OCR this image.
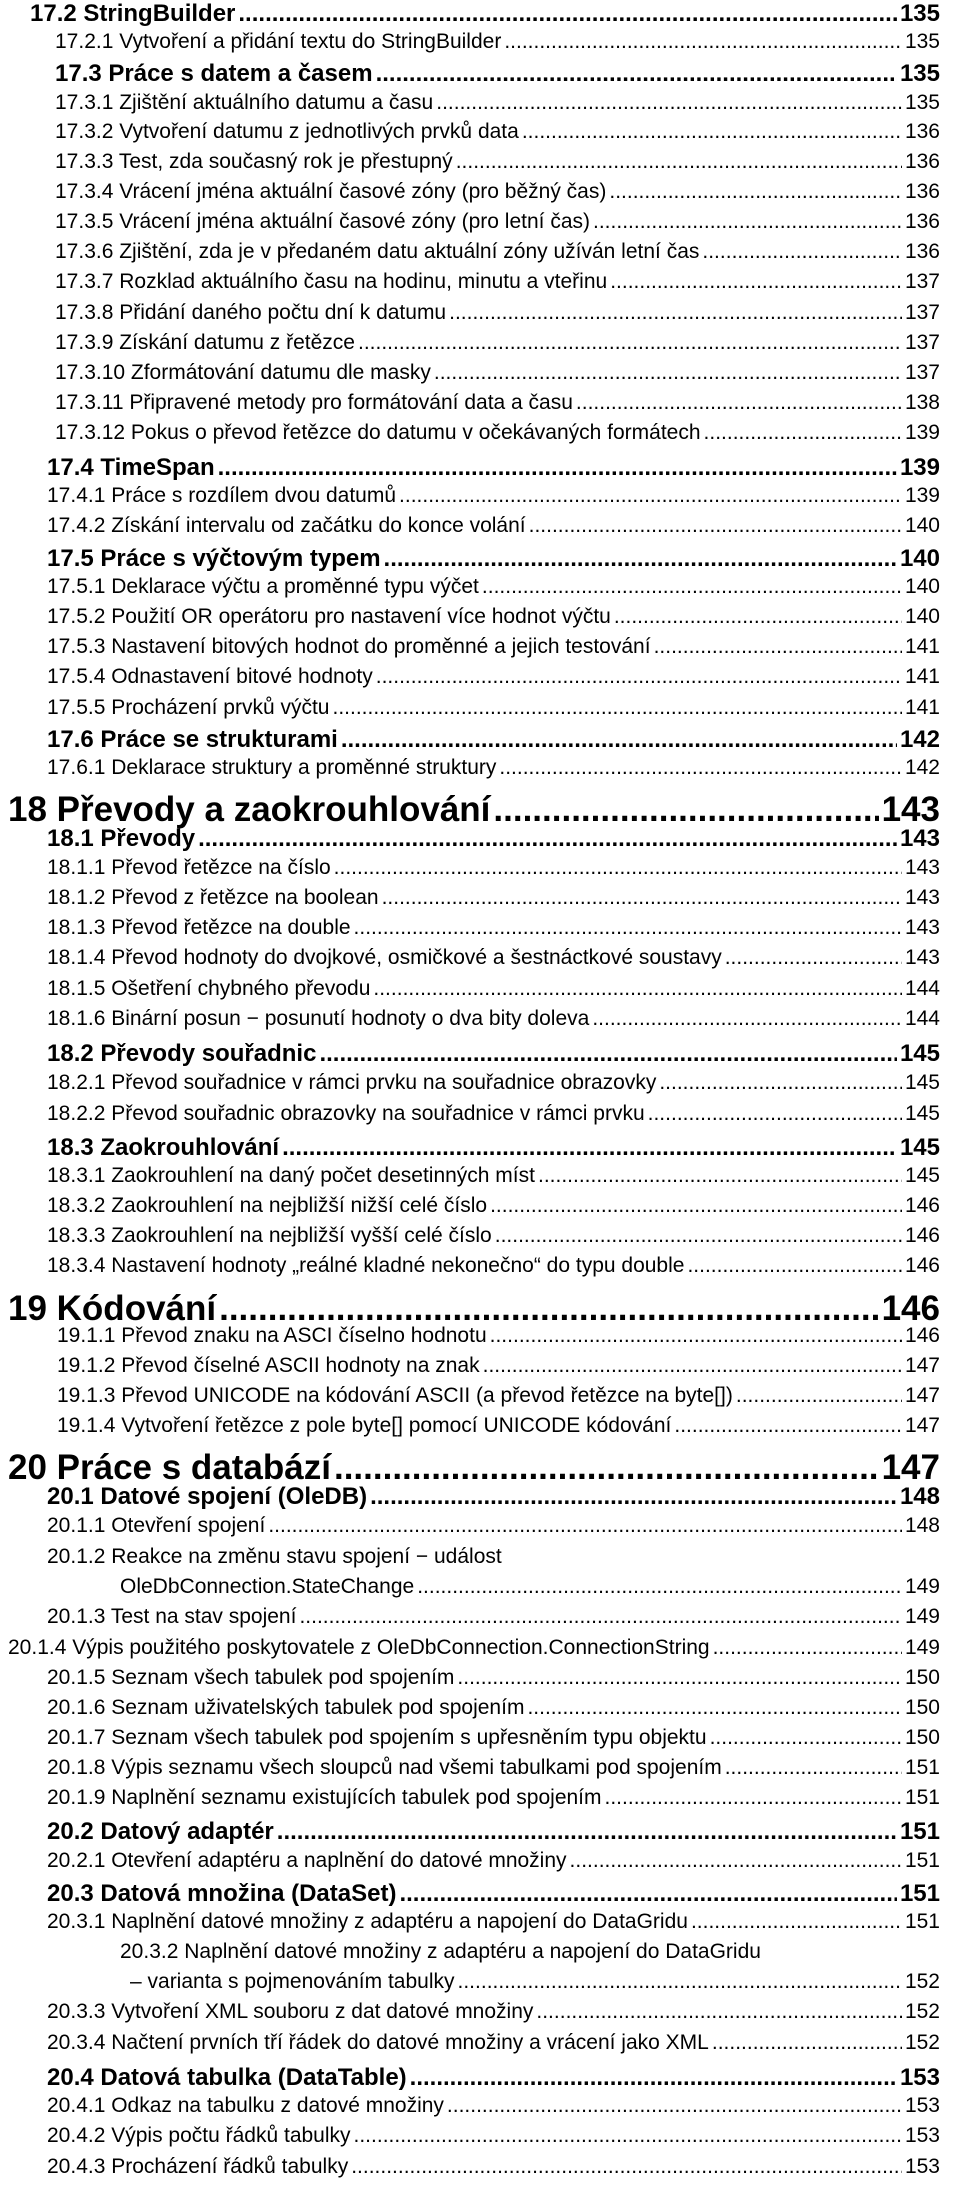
17.2 StringBuilder .....	135
17.2.1 Vytvoření a přidání textu do StringBuilder .....	135
17.3 Práce s datem a časem .....	135
17.3.1 Zjištění aktuálního datumu a času .....	135
17.3.2 Vytvoření datumu z jednotlivých prvků data .....	136
17.3.3 Test, zda současný rok je přestupný .....	136
17.3.4 Vrácení jména aktuální časové zóny (pro běžný čas) .....	136
17.3.5 Vrácení jména aktuální časové zóny (pro letní čas) .....	136
17.3.6 Zjištění, zda je v předaném datu aktuální zóny užíván letní čas .....	136
17.3.7 Rozklad aktuálního času na hodinu, minutu a vteřinu .....	137
17.3.8 Přidání daného počtu dní k datumu .....	137
17.3.9 Získání datumu z řetězce .....	137
17.3.10 Zformátování datumu dle masky .....	137
17.3.11 Připravené metody pro formátování data a času .....	138
17.3.12 Pokus o převod řetězce do datumu v očekávaných formátech .....	139
17.4 TimeSpan .....	139
17.4.1 Práce s rozdílem dvou datumů .....	139
17.4.2 Získání intervalu od začátku do konce volání .....	140
17.5 Práce s výčtovým typem .....	140
17.5.1 Deklarace výčtu a proměnné typu výčet .....	140
17.5.2 Použití OR operátoru pro nastavení více hodnot výčtu .....	140
17.5.3 Nastavení bitových hodnot do proměnné a jejich testování .....	141
17.5.4 Odnastavení bitové hodnoty .....	141
17.5.5 Procházení prvků výčtu .....	141
17.6 Práce se strukturami .....	142
17.6.1 Deklarace struktury a proměnné struktury .....	142
18 Převody a zaokrouhlování .....	143
18.1 Převody .....	143
18.1.1 Převod řetězce na číslo .....	143
18.1.2 Převod z řetězce na boolean .....	143
18.1.3 Převod řetězce na double .....	143
18.1.4 Převod hodnoty do dvojkové, osmičkové a šestnáctkové soustavy .....	143
18.1.5 Ošetření chybného převodu .....	144
18.1.6 Binární posun − posunutí hodnoty o dva bity doleva .....	144
18.2 Převody souřadnic .....	145
18.2.1 Převod souřadnice v rámci prvku na souřadnice obrazovky .....	145
18.2.2 Převod souřadnic obrazovky na souřadnice v rámci prvku .....	145
18.3 Zaokrouhlování .....	145
18.3.1 Zaokrouhlení na daný počet desetinných míst .....	145
18.3.2 Zaokrouhlení na nejbližší nižší celé číslo .....	146
18.3.3 Zaokrouhlení na nejbližší vyšší celé číslo .....	146
18.3.4 Nastavení hodnoty „reálné kladné nekonečno“ do typu double .....	146
19 Kódování .....	146
19.1.1 Převod znaku na ASCI číselno hodnotu .....	146
19.1.2 Převod číselné ASCII hodnoty na znak .....	147
19.1.3 Převod UNICODE na kódování ASCII (a převod řetězce na byte[]) .....	147
19.1.4 Vytvoření řetězce z pole byte[] pomocí UNICODE kódování .....	147
20 Práce s databází .....	147
20.1 Datové spojení (OleDB) .....	148
20.1.1 Otevření spojení .....	148
20.1.2 Reakce na změnu stavu spojení − událost
OleDbConnection.StateChange .....	149
20.1.3 Test na stav spojení .....	149
20.1.4 Výpis použitého poskytovatele z OleDbConnection.ConnectionString .....	149
20.1.5 Seznam všech tabulek pod spojením .....	150
20.1.6 Seznam uživatelských tabulek pod spojením .....	150
20.1.7 Seznam všech tabulek pod spojením s upřesněním typu objektu .....	150
20.1.8 Výpis seznamu všech sloupců nad všemi tabulkami pod spojením .....	151
20.1.9 Naplnění seznamu existujících tabulek pod spojením .....	151
20.2 Datový adaptér .....	151
20.2.1 Otevření adaptéru a naplnění do datové množiny .....	151
20.3 Datová množina (DataSet) .....	151
20.3.1 Naplnění datové množiny z adaptéru a napojení do DataGridu .....	151
20.3.2 Naplnění datové množiny z adaptéru a napojení do DataGridu
– varianta s pojmenováním tabulky .....	152
20.3.3 Vytvoření XML souboru z dat datové množiny .....	152
20.3.4 Načtení prvních tří řádek do datové množiny a vrácení jako XML .....	152
20.4 Datová tabulka (DataTable) .....	153
20.4.1 Odkaz na tabulku z datové množiny .....	153
20.4.2 Výpis počtu řádků tabulky .....	153
20.4.3 Procházení řádků tabulky .....	153
